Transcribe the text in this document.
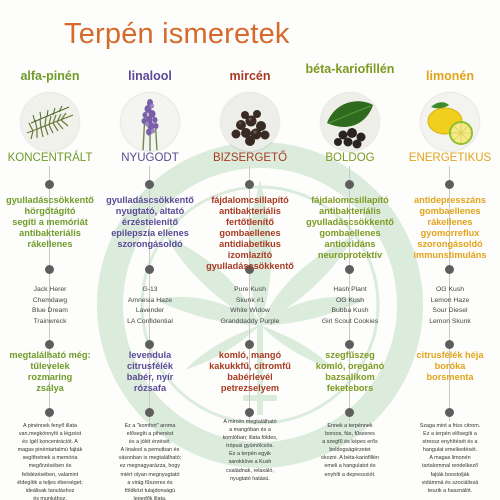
Terpén ismeretek
alfa-pinén
KONCENTRÁLT
gyulladáscsökkentő
hörgőtágító
segíti a memóriát
antibakteriális
rákellenes
Jack Herer
Chemdawg
Blue Dream
Trainwreck
megtalálható még:
tűlevelek
rozmaring
zsálya
A pinénnek fenyő illata
van,megkönnyíti a légzést
és ígél koncentrációt. A
magas pinéntartalmú fajták
segíthetnek a memória
megőrzésében és
felidézésében, valamint
éldegítik a teljes éberséget;
ideálisak tanuláshoz
és munkához.
linalool
NYUGODT
gyulladáscsökkentő
nyugtató, altató
érzéstelenítő
epilepszia ellenes
szorongásoldó
G-13
Amnesia Haze
Lavender
LA Confidential
levendula
citrusfélék
babér, nyír
rózsafa
Ez a "komfort" aroma
elősegíti a pihenést
és a jólét érzését.
A linalool a pemutban és
vásonban is megtalálható;
ez megnagyarázza, hogy
miért olyan megnyugtató
a virág fűszeres és
földközi tulajdonságú
lepedők illata.
mircén
BIZSERGETŐ
fájdalomcsillapító
antibakteriális
fertőtlenítő
gombaellenes
antidiabetikus
izomlazító
gyulladáscsökkentő
Pure Kush
Skunk #1
White Widow
Granddaddy Purple
komló, mangó
kakukkfű, citromfű
babérlevél
petrezselyem
A mircén megtalálható
a mangóban és a
komlóban; illata földes,
trópusi gyümölcsös.
Ez a terpén egyik
sarokköve a Kush
családnak, relaxáló,
nyugtató hatású.
béta-kariofillén
BOLDOG
fájdalomcsillapító
antibakteriális
gyulladáscsökkentő
gombaellenes
antioxidáns
neuroprotektív
Hash Plant
OG Kush
Bubba Kush
Girl Scout Cookies
szegfűszeg
komló, oregánó
bazsalikom
feketebors
Ennek a terpénnek
borsos, fás, fűszeres
a szegfű és képes erős
boldogságérzetet
okozni. A béta-kariofillén
emeli a hangulatot és
enyhíti a depressziót.
limonén
ENERGETIKUS
antidepresszáns
gombaellenes
rákellenes
gyomorreflux
szorongásoldó
immunstimuláns
OG Kush
Lemon Haze
Sour Diesel
Lemon Skunk
citrusfélék héja
boróka
borsmenta
Szaga mint a friss citrom.
Ez a terpén elősegíti a
stressz enyhítését és a
hangulat emelkedését.
A magas limonén
tartalommal rendelkező
fajták boostolják
vidámmá és szociálissá
teszik a használót.
